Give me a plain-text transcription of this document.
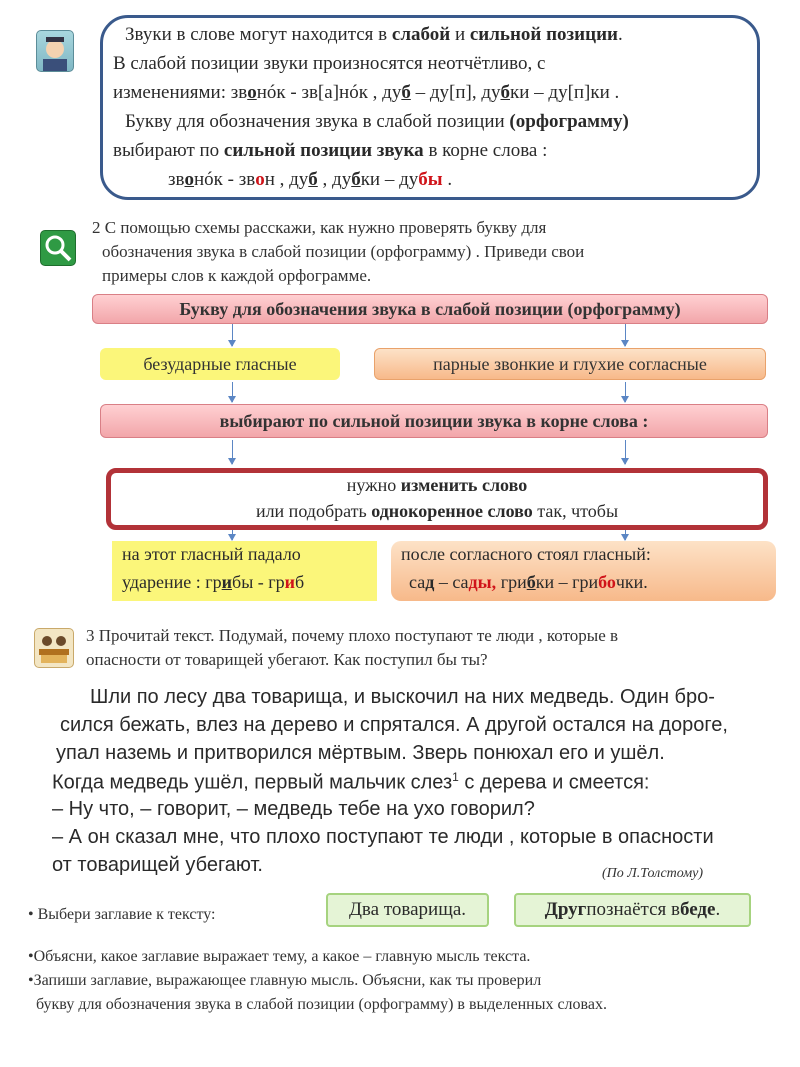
Звуки в слове могут находится в слабой и сильной позиции.
В слабой позиции звуки произносятся неотчётливо, с
изменениями: звонóк - зв[а]нóк , дуб – ду[п], дубки – ду[п]ки .
Букву для обозначения звука в слабой позиции (орфограмму)
выбирают по сильной позиции звука в корне слова :
звонóк - звон , дуб , дубки – дубы .
2 С помощью схемы расскажи, как нужно проверять букву для
обозначения звука в слабой позиции (орфограмму) . Приведи свои
примеры слов к каждой орфограмме.
Букву для обозначения звука в слабой позиции (орфограмму)
безударные гласные	парные звонкие и глухие согласные
выбирают по сильной позиции звука в корне слова :
нужно изменить слово
или подобрать однокоренное слово так, чтобы
на этот гласный падало
ударение : грибы - гриб
после согласного стоял гласный:
сад – сады, грибки – грибочки.
3 Прочитай текст. Подумай, почему плохо поступают те люди , которые в
опасности от товарищей убегают. Как поступил бы ты?
Шли по лесу два товарища, и выскочил на них медведь. Один бро-
сился бежать, влез на дерево и спрятался. А другой остался на дороге,
упал наземь и притворился мёртвым. Зверь понюхал его и ушёл.
Когда медведь ушёл, первый мальчик слез$^1$ с дерева и смеется:
– Ну что, – говорит, – медведь тебе на ухо говорил?
– А он сказал мне, что плохо поступают те люди , которые в опасности
от товарищей убегают.	(По Л.Толстому)
• Выбери заглавие к тексту:	Два товарища.	Друг познаётся в беде .
•Объясни, какое заглавие выражает тему, а какое – главную мысль текста.
•Запиши заглавие, выражающее главную мысль. Объясни, как ты проверил
букву для обозначения звука в слабой позиции (орфограмму) в выделенных словах.
